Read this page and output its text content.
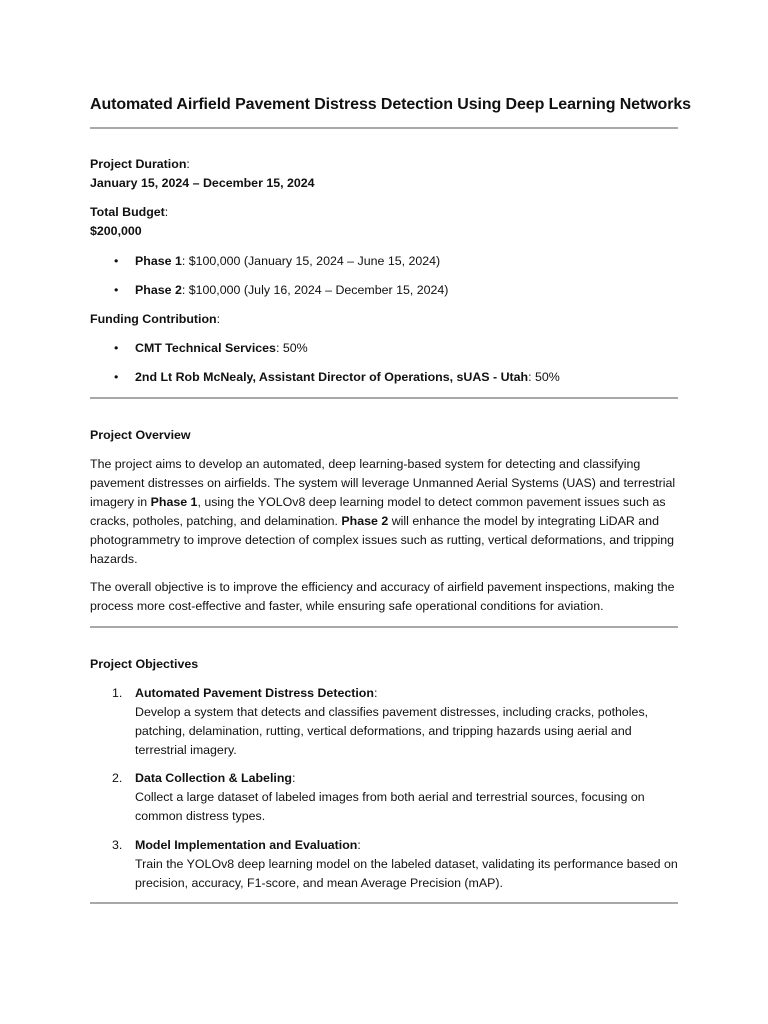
Automated Airfield Pavement Distress Detection Using Deep Learning Networks
Project Duration:
January 15, 2024 – December 15, 2024
Total Budget:
$200,000
• Phase 1: $100,000 (January 15, 2024 – June 15, 2024)
• Phase 2: $100,000 (July 16, 2024 – December 15, 2024)
Funding Contribution:
• CMT Technical Services: 50%
• 2nd Lt Rob McNealy, Assistant Director of Operations, sUAS - Utah: 50%
Project Overview
The project aims to develop an automated, deep learning-based system for detecting and classifying pavement distresses on airfields. The system will leverage Unmanned Aerial Systems (UAS) and terrestrial imagery in Phase 1, using the YOLOv8 deep learning model to detect common pavement issues such as cracks, potholes, patching, and delamination. Phase 2 will enhance the model by integrating LiDAR and photogrammetry to improve detection of complex issues such as rutting, vertical deformations, and tripping hazards.
The overall objective is to improve the efficiency and accuracy of airfield pavement inspections, making the process more cost-effective and faster, while ensuring safe operational conditions for aviation.
Project Objectives
1. Automated Pavement Distress Detection:
Develop a system that detects and classifies pavement distresses, including cracks, potholes, patching, delamination, rutting, vertical deformations, and tripping hazards using aerial and terrestrial imagery.
2. Data Collection & Labeling:
Collect a large dataset of labeled images from both aerial and terrestrial sources, focusing on common distress types.
3. Model Implementation and Evaluation:
Train the YOLOv8 deep learning model on the labeled dataset, validating its performance based on precision, accuracy, F1-score, and mean Average Precision (mAP).
